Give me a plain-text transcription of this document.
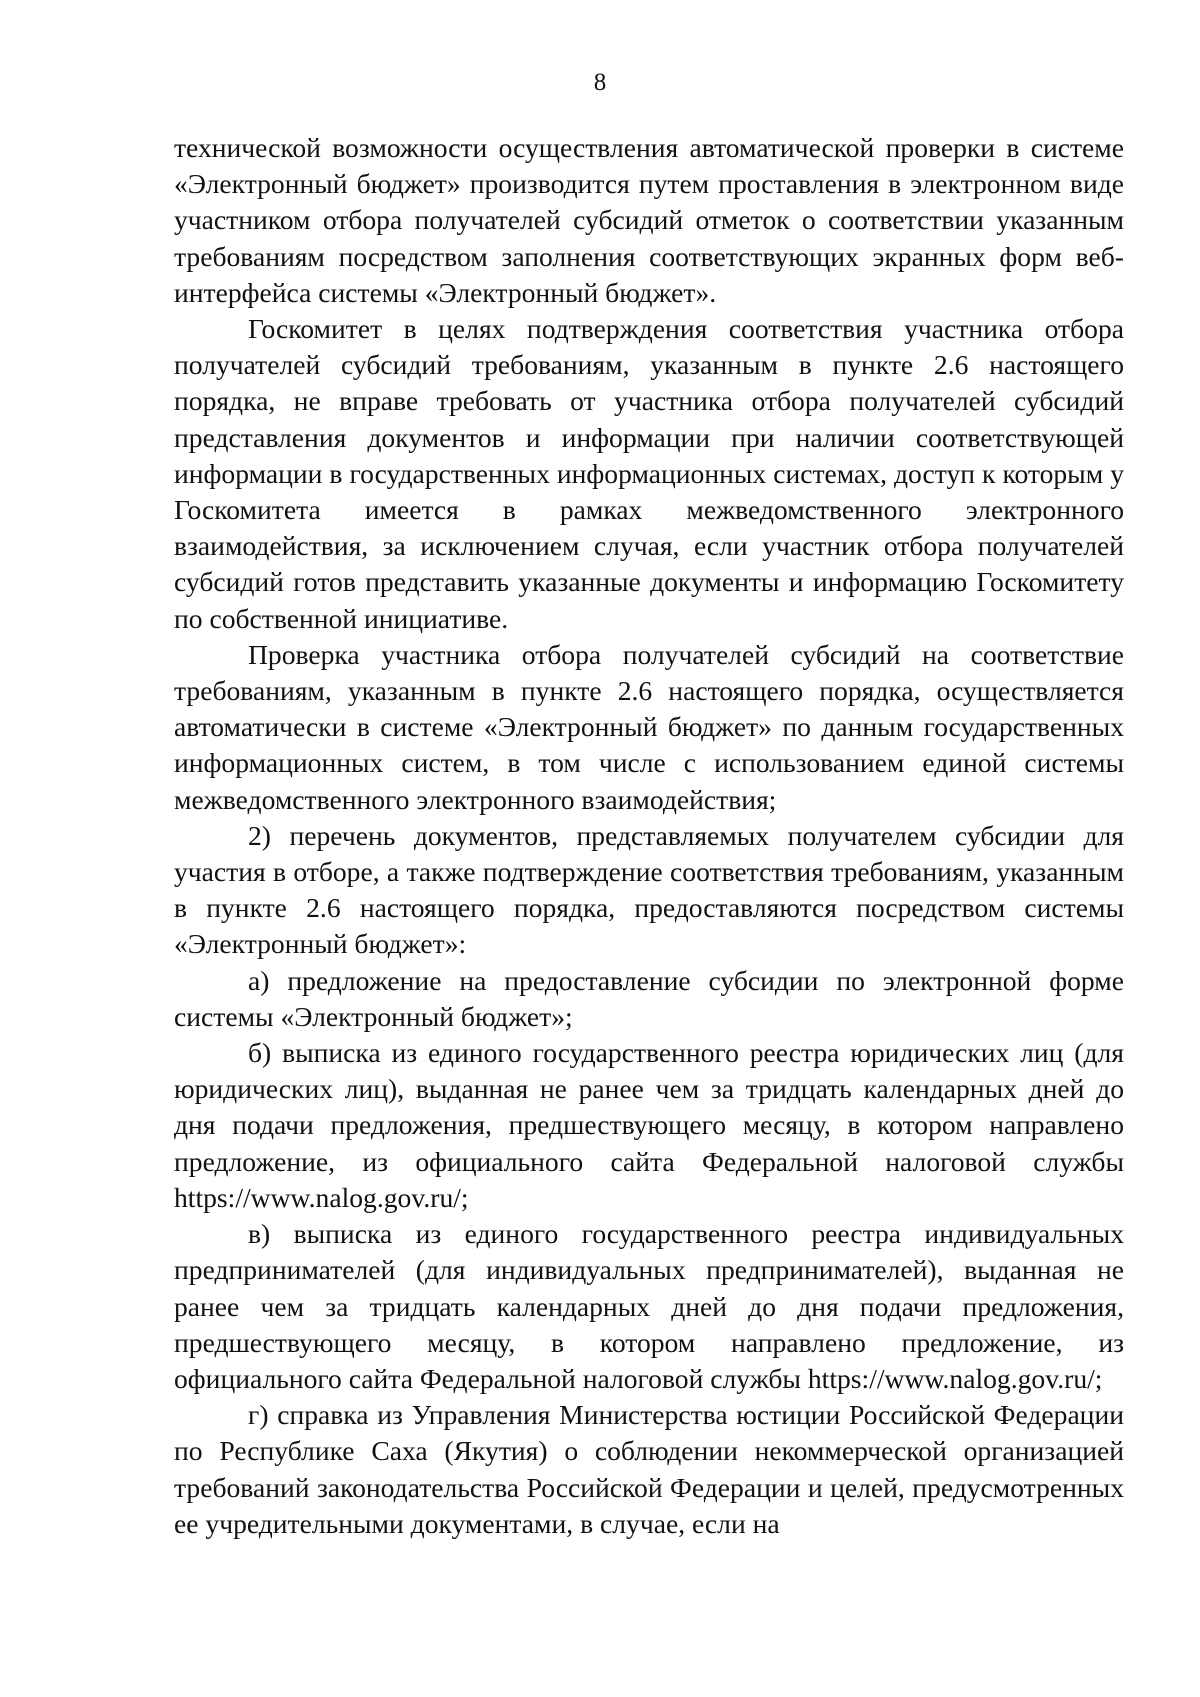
8

технической возможности осуществления автоматической проверки в системе «Электронный бюджет» производится путем проставления в электронном виде участником отбора получателей субсидий отметок о соответствии указанным требованиям посредством заполнения соответствующих экранных форм веб-интерфейса системы «Электронный бюджет».

Госкомитет в целях подтверждения соответствия участника отбора получателей субсидий требованиям, указанным в пункте 2.6 настоящего порядка, не вправе требовать от участника отбора получателей субсидий представления документов и информации при наличии соответствующей информации в государственных информационных системах, доступ к которым у Госкомитета имеется в рамках межведомственного электронного взаимодействия, за исключением случая, если участник отбора получателей субсидий готов представить указанные документы и информацию Госкомитету по собственной инициативе.

Проверка участника отбора получателей субсидий на соответствие требованиям, указанным в пункте 2.6 настоящего порядка, осуществляется автоматически в системе «Электронный бюджет» по данным государственных информационных систем, в том числе с использованием единой системы межведомственного электронного взаимодействия;

2) перечень документов, представляемых получателем субсидии для участия в отборе, а также подтверждение соответствия требованиям, указанным в пункте 2.6 настоящего порядка, предоставляются посредством системы «Электронный бюджет»:

а) предложение на предоставление субсидии по электронной форме системы «Электронный бюджет»;

б) выписка из единого государственного реестра юридических лиц (для юридических лиц), выданная не ранее чем за тридцать календарных дней до дня подачи предложения, предшествующего месяцу, в котором направлено предложение, из официального сайта Федеральной налоговой службы https://www.nalog.gov.ru/;

в) выписка из единого государственного реестра индивидуальных предпринимателей (для индивидуальных предпринимателей), выданная не ранее чем за тридцать календарных дней до дня подачи предложения, предшествующего месяцу, в котором направлено предложение, из официального сайта Федеральной налоговой службы https://www.nalog.gov.ru/;

г) справка из Управления Министерства юстиции Российской Федерации по Республике Саха (Якутия) о соблюдении некоммерческой организацией требований законодательства Российской Федерации и целей, предусмотренных ее учредительными документами, в случае, если на
